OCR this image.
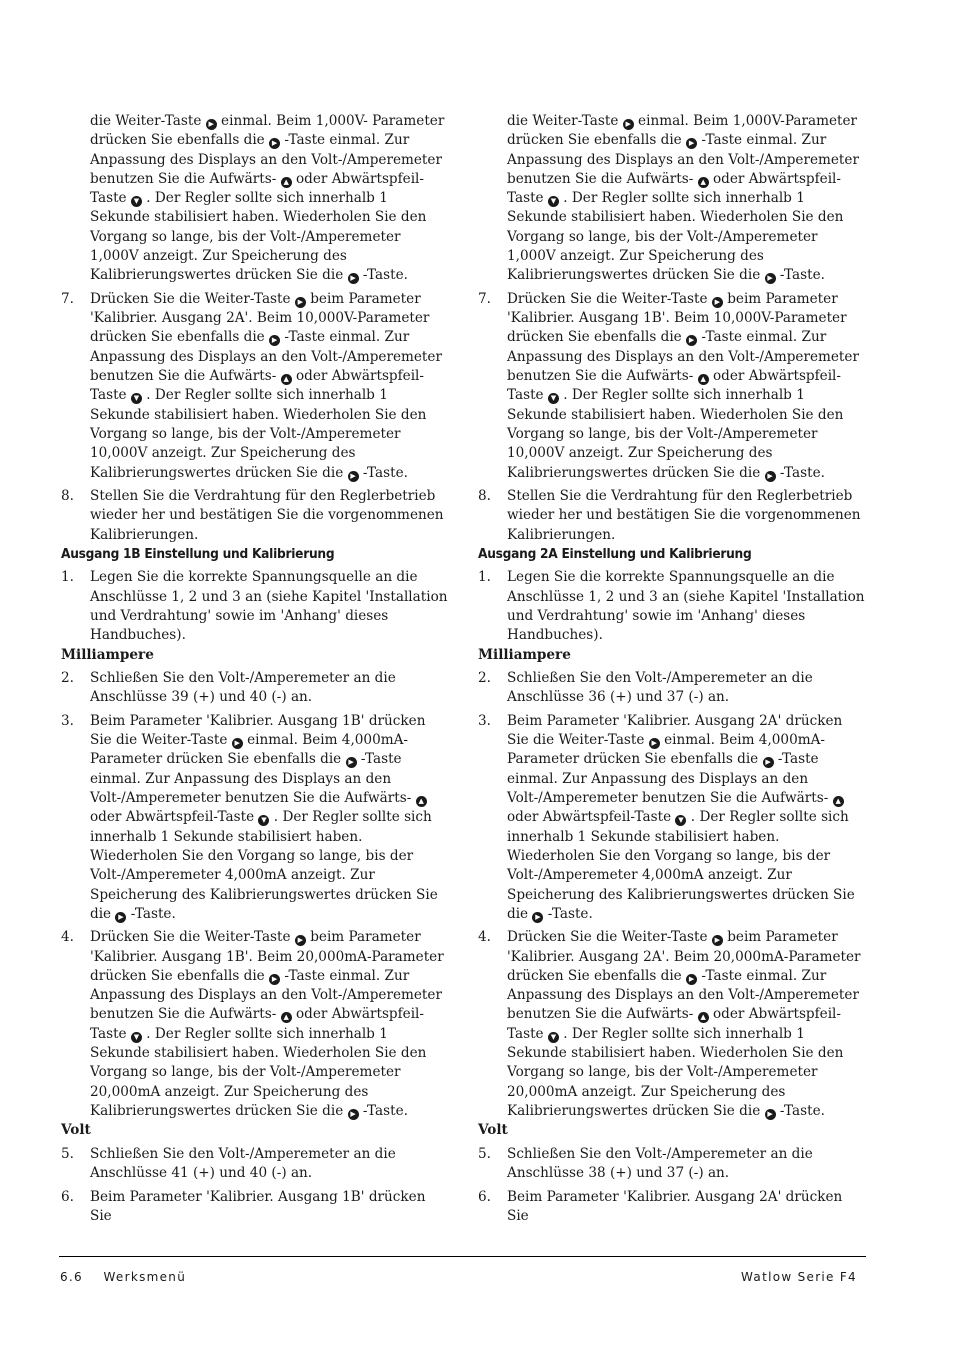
die Weiter-Taste ▶ einmal. Beim 1,000V- Parameter drücken Sie ebenfalls die ▶ -Taste einmal. Zur Anpassung des Displays an den Volt-/Amperemeter benutzen Sie die Aufwärts- ▲ oder Abwärtspfeil-Taste ▼ . Der Regler sollte sich innerhalb 1 Sekunde stabilisiert haben. Wiederholen Sie den Vorgang so lange, bis der Volt-/Amperemeter 1,000V anzeigt. Zur Speicherung des Kalibrierungswertes drücken Sie die ▶ -Taste.

7. Drücken Sie die Weiter-Taste ▶ beim Parameter 'Kalibrier. Ausgang 2A'. Beim 10,000V-Parameter drücken Sie ebenfalls die ▶ -Taste einmal. Zur Anpassung des Displays an den Volt-/Amperemeter benutzen Sie die Aufwärts- ▲ oder Abwärtspfeil-Taste ▼ . Der Regler sollte sich innerhalb 1 Sekunde stabilisiert haben. Wiederholen Sie den Vorgang so lange, bis der Volt-/Amperemeter 10,000V anzeigt. Zur Speicherung des Kalibrierungswertes drücken Sie die ▶ -Taste.

8. Stellen Sie die Verdrahtung für den Reglerbetrieb wieder her und bestätigen Sie die vorgenommenen Kalibrierungen.

Ausgang 1B Einstellung und Kalibrierung

1. Legen Sie die korrekte Spannungsquelle an die Anschlüsse 1, 2 und 3 an (siehe Kapitel 'Installation und Verdrahtung' sowie im 'Anhang' dieses Handbuches).

Milliampere

2. Schließen Sie den Volt-/Amperemeter an die Anschlüsse 39 (+) und 40 (-) an.

3. Beim Parameter 'Kalibrier. Ausgang 1B' drücken Sie die Weiter-Taste ▶ einmal. Beim 4,000mA-Parameter drücken Sie ebenfalls die ▶ -Taste einmal. Zur Anpassung des Displays an den Volt-/Amperemeter benutzen Sie die Aufwärts- ▲ oder Abwärtspfeil-Taste ▼ . Der Regler sollte sich innerhalb 1 Sekunde stabilisiert haben. Wiederholen Sie den Vorgang so lange, bis der Volt-/Amperemeter 4,000mA anzeigt. Zur Speicherung des Kalibrierungswertes drücken Sie die ▶ -Taste.

4. Drücken Sie die Weiter-Taste ▶ beim Parameter 'Kalibrier. Ausgang 1B'. Beim 20,000mA-Parameter drücken Sie ebenfalls die ▶ -Taste einmal. Zur Anpassung des Displays an den Volt-/Amperemeter benutzen Sie die Aufwärts- ▲ oder Abwärtspfeil-Taste ▼ . Der Regler sollte sich innerhalb 1 Sekunde stabilisiert haben. Wiederholen Sie den Vorgang so lange, bis der Volt-/Amperemeter 20,000mA anzeigt. Zur Speicherung des Kalibrierungswertes drücken Sie die ▶ -Taste.

Volt

5. Schließen Sie den Volt-/Amperemeter an die Anschlüsse 41 (+) und 40 (-) an.

6. Beim Parameter 'Kalibrier. Ausgang 1B' drücken Sie

die Weiter-Taste ▶ einmal. Beim 1,000V-Parameter drücken Sie ebenfalls die ▶ -Taste einmal. Zur Anpassung des Displays an den Volt-/Amperemeter benutzen Sie die Aufwärts- ▲ oder Abwärtspfeil-Taste ▼ . Der Regler sollte sich innerhalb 1 Sekunde stabilisiert haben. Wiederholen Sie den Vorgang so lange, bis der Volt-/Amperemeter 1,000V anzeigt. Zur Speicherung des Kalibrierungswertes drücken Sie die ▶ -Taste.

7. Drücken Sie die Weiter-Taste ▶ beim Parameter 'Kalibrier. Ausgang 1B'. Beim 10,000V-Parameter drücken Sie ebenfalls die ▶ -Taste einmal. Zur Anpassung des Displays an den Volt-/Amperemeter benutzen Sie die Aufwärts- ▲ oder Abwärtspfeil-Taste ▼ . Der Regler sollte sich innerhalb 1 Sekunde stabilisiert haben. Wiederholen Sie den Vorgang so lange, bis der Volt-/Amperemeter 10,000V anzeigt. Zur Speicherung des Kalibrierungswertes drücken Sie die ▶ -Taste.

8. Stellen Sie die Verdrahtung für den Reglerbetrieb wieder her und bestätigen Sie die vorgenommenen Kalibrierungen.

Ausgang 2A Einstellung und Kalibrierung

1. Legen Sie die korrekte Spannungsquelle an die Anschlüsse 1, 2 und 3 an (siehe Kapitel 'Installation und Verdrahtung' sowie im 'Anhang' dieses Handbuches).

Milliampere

2. Schließen Sie den Volt-/Amperemeter an die Anschlüsse 36 (+) und 37 (-) an.

3. Beim Parameter 'Kalibrier. Ausgang 2A' drücken Sie die Weiter-Taste ▶ einmal. Beim 4,000mA-Parameter drücken Sie ebenfalls die ▶ -Taste einmal. Zur Anpassung des Displays an den Volt-/Amperemeter benutzen Sie die Aufwärts- ▲ oder Abwärtspfeil-Taste ▼ . Der Regler sollte sich innerhalb 1 Sekunde stabilisiert haben. Wiederholen Sie den Vorgang so lange, bis der Volt-/Amperemeter 4,000mA anzeigt. Zur Speicherung des Kalibrierungswertes drücken Sie die ▶ -Taste.

4. Drücken Sie die Weiter-Taste ▶ beim Parameter 'Kalibrier. Ausgang 2A'. Beim 20,000mA-Parameter drücken Sie ebenfalls die ▶ -Taste einmal. Zur Anpassung des Displays an den Volt-/Amperemeter benutzen Sie die Aufwärts- ▲ oder Abwärtspfeil-Taste ▼ . Der Regler sollte sich innerhalb 1 Sekunde stabilisiert haben. Wiederholen Sie den Vorgang so lange, bis der Volt-/Amperemeter 20,000mA anzeigt. Zur Speicherung des Kalibrierungswertes drücken Sie die ▶ -Taste.

Volt

5. Schließen Sie den Volt-/Amperemeter an die Anschlüsse 38 (+) und 37 (-) an.

6. Beim Parameter 'Kalibrier. Ausgang 2A' drücken Sie

6.6 Werksmenü	Watlow Serie F4
